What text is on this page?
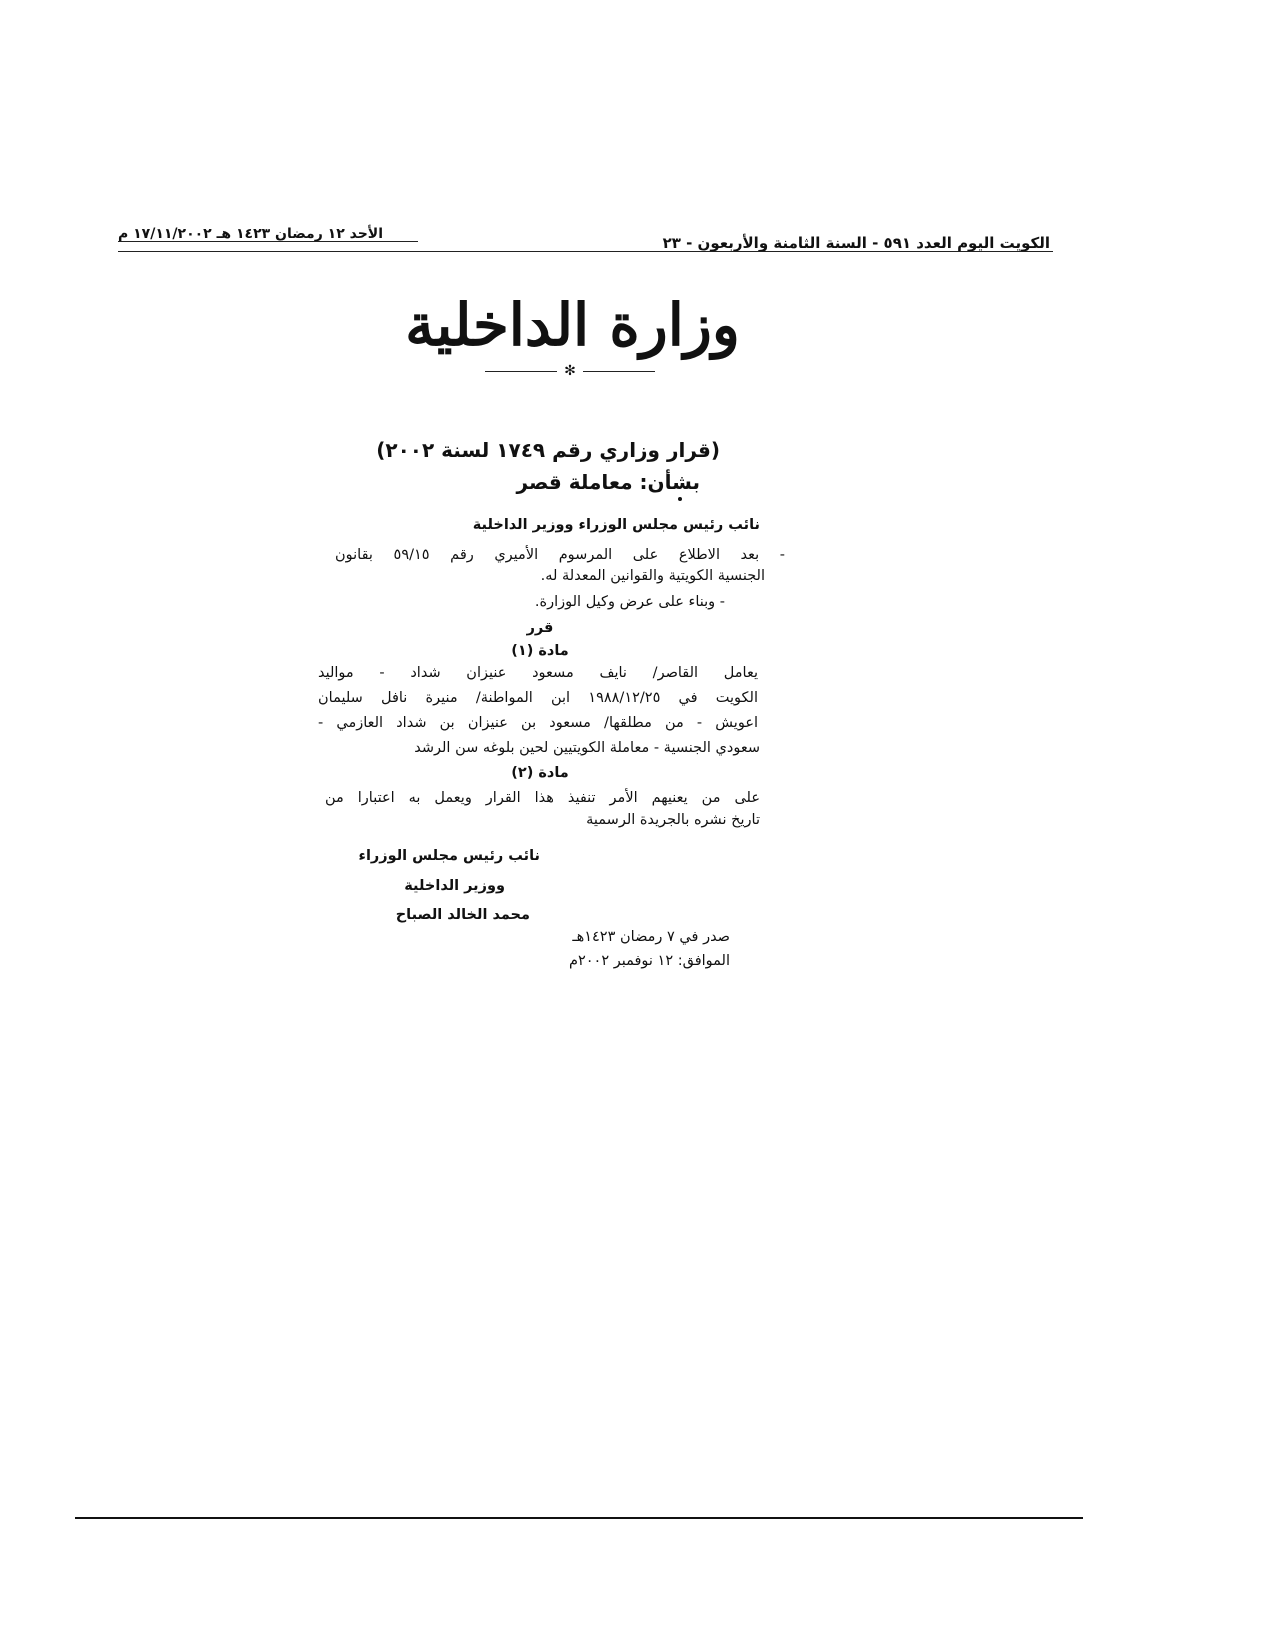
الكويت اليوم العدد ٥٩١ - السنة الثامنة والأربعون - ٢٣
الأحد ١٢ رمضان ١٤٢٣ هـ ١٧/١١/٢٠٠٢ م
وزارة الداخلية
✻
(قرار وزاري رقم ١٧٤٩ لسنة ٢٠٠٢)
بشأن: معاملة قصر
نائب رئيس مجلس الوزراء ووزير الداخلية
- بعد الاطلاع على المرسوم الأميري رقم ٥٩/١٥ بقانون
الجنسية الكويتية والقوانين المعدلة له.
- وبناء على عرض وكيل الوزارة.
قرر
مادة (١)
يعامل القاصر/ نايف مسعود عنيزان شداد - مواليد
الكويت في ١٩٨٨/١٢/٢٥ ابن المواطنة/ منيرة نافل سليمان
اعويش - من مطلقها/ مسعود بن عنيزان بن شداد العازمي -
سعودي الجنسية - معاملة الكويتيين لحين بلوغه سن الرشد
مادة (٢)
على من يعنيهم الأمر تنفيذ هذا القرار ويعمل به اعتبارا من
تاريخ نشره بالجريدة الرسمية
نائب رئيس مجلس الوزراء
ووزير الداخلية
محمد الخالد الصباح
صدر في ٧ رمضان ١٤٢٣هـ
الموافق: ١٢ نوفمبر ٢٠٠٢م
